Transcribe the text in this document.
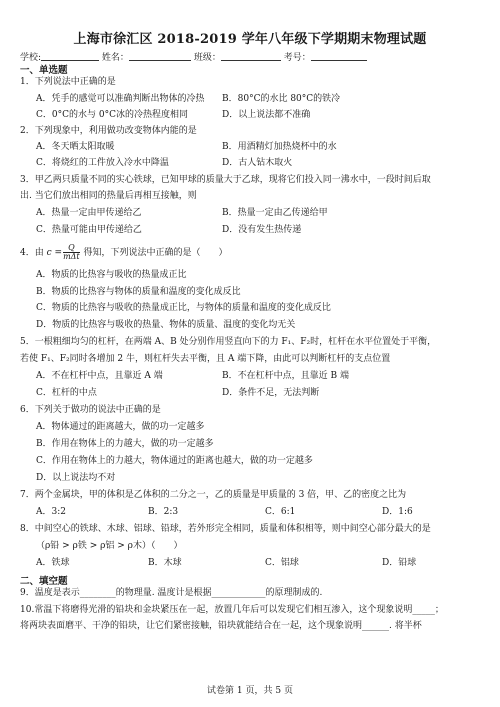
上海市徐汇区 2018-2019 学年八年级下学期期末物理试题
学校:	姓名：	班级：	考号：
一、单选题
1．下列说法中正确的是
A．凭手的感觉可以准确判断出物体的冷热 B．80°C的水比 80°C的铁冷
C．0°C的水与 0°C冰的冷热程度相同	D．以上说法都不准确
2．下列现象中，利用做功改变物体内能的是
A．冬天晒太阳取暖	B．用酒精灯加热烧杯中的水
C．将烧红的工件放入冷水中降温	D．古人钻木取火
3．甲乙两只质量不同的实心铁球，已知甲球的质量大于乙球，现将它们投入同一沸水中，一段时间后取
出. 当它们放出相同的热量后再相互接触，则
A．热量一定由甲传递给乙	B．热量一定由乙传递给甲
C．热量可能由甲传递给乙	D．没有发生热传递
4．由 $c = \frac{Q}{\text{mΔt}}$ 得知，下列说法中正确的是（　　）
A．物质的比热容与吸收的热量成正比
B．物质的比热容与物体的质量和温度的变化成反比
C．物质的比热容与吸收的热量成正比，与物体的质量和温度的变化成反比
D．物质的比热容与吸收的热量、物体的质量、温度的变化均无关
5．一根粗细均匀的杠杆，在两端 A、B 处分别作用竖直向下的力 F₁、F₂时，杠杆在水平位置处于平衡，
若使 F₁、F₂同时各增加 2 牛，则杠杆失去平衡，且 A 端下降，由此可以判断杠杆的支点位置
A．不在杠杆中点，且靠近 A 端	B．不在杠杆中点，且靠近 B 端
C．杠杆的中点	D．条件不足，无法判断
6．下列关于做功的说法中正确的是
A．物体通过的距离越大，做的功一定越多
B．作用在物体上的力越大，做的功一定越多
C．作用在物体上的力越大，物体通过的距离也越大，做的功一定越多
D．以上说法均不对
7．两个金属块，甲的体积是乙体积的二分之一，乙的质量是甲质量的 3 倍，甲、乙的密度之比为
A．3:2	B．2:3	C．6:1	D．1:6
8．中间空心的铁球、木球、铝球、铅球，若外形完全相同，质量和体积相等，则中间空心部分最大的是
（ρ铅 > ρ铁 > ρ铝 > ρ木）（　　）
A．铁球	B．木球	C．铝球	D．铅球
二、填空题
9．温度是表示________的物理量. 温度计是根据____________的原理制成的.
10.常温下将磨得光滑的铅块和金块紧压在一起，放置几年后可以发现它们相互渗入，这个现象说明_____；
将两块表面磨平、干净的铅块，让它们紧密接触，铅块就能结合在一起，这个现象说明______. 将半杯
试卷第 1 页，共 5 页
